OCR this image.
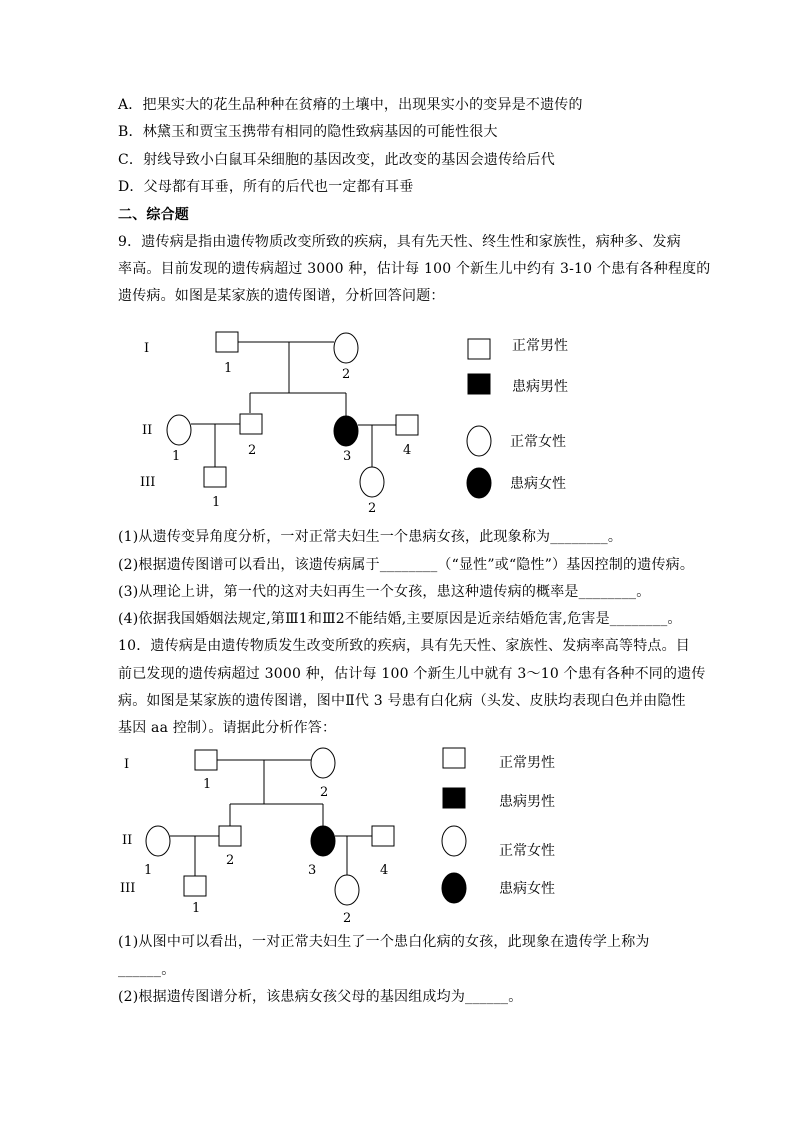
A．把果实大的花生品种种在贫瘠的土壤中，出现果实小的变异是不遗传的
B．林黛玉和贾宝玉携带有相同的隐性致病基因的可能性很大
C．射线导致小白鼠耳朵细胞的基因改变，此改变的基因会遗传给后代
D．父母都有耳垂，所有的后代也一定都有耳垂
二、综合题
9．遗传病是指由遗传物质改变所致的疾病，具有先天性、终生性和家族性，病种多、发病
率高。目前发现的遗传病超过 3000 种，估计每 100 个新生儿中约有 3-10 个患有各种程度的
遗传病。如图是某家族的遗传图谱，分析回答问题：
I
II
III
1	2
1	2	3	4
1	2
正常男性
患病男性
正常女性
患病女性
(1)从遗传变异角度分析，一对正常夫妇生一个患病女孩，此现象称为________。
(2)根据遗传图谱可以看出，该遗传病属于________（“显性”或“隐性”）基因控制的遗传病。
(3)从理论上讲，第一代的这对夫妇再生一个女孩，患这种遗传病的概率是________。
(4)依据我国婚姻法规定,第Ⅲ1和Ⅲ2不能结婚,主要原因是近亲结婚危害,危害是________。
10．遗传病是由遗传物质发生改变所致的疾病，具有先天性、家族性、发病率高等特点。目
前已发现的遗传病超过 3000 种，估计每 100 个新生儿中就有 3～10 个患有各种不同的遗传
病。如图是某家族的遗传图谱，图中Ⅱ代 3 号患有白化病（头发、皮肤均表现白色并由隐性
基因 aa 控制）。请据此分析作答：
I
II
III
1
2
1
2
3	4
1
2
正常男性
患病男性
正常女性
患病女性
(1)从图中可以看出，一对正常夫妇生了一个患白化病的女孩，此现象在遗传学上称为
______。
(2)根据遗传图谱分析，该患病女孩父母的基因组成均为______。
